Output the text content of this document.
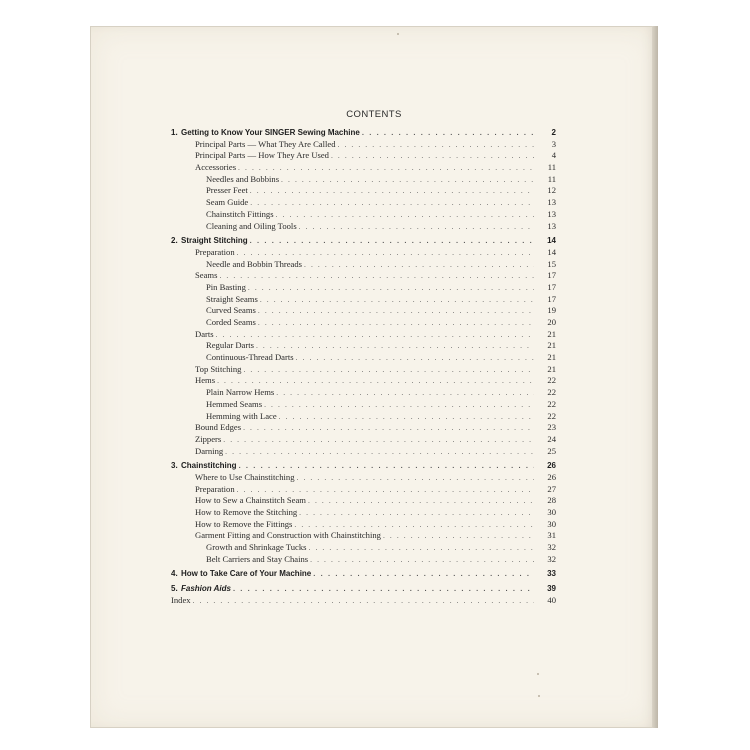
CONTENTS
1. Getting to Know Your SINGER Sewing Machine . . .	2
Principal Parts — What They Are Called . . .	3
Principal Parts — How They Are Used . . .	4
Accessories . . .	11
Needles and Bobbins . . .	11
Presser Feet . . .	12
Seam Guide . . .	13
Chainstitch Fittings . . .	13
Cleaning and Oiling Tools . . .	13
2. Straight Stitching . . .	14
Preparation . . .	14
Needle and Bobbin Threads . . .	15
Seams . . .	17
Pin Basting . . .	17
Straight Seams . . .	17
Curved Seams . . .	19
Corded Seams . . .	20
Darts . . .	21
Regular Darts . . .	21
Continuous-Thread Darts . . .	21
Top Stitching . . .	21
Hems . . .	22
Plain Narrow Hems . . .	22
Hemmed Seams . . .	22
Hemming with Lace . . .	22
Bound Edges . . .	23
Zippers . . .	24
Darning . . .	25
3. Chainstitching . . .	26
Where to Use Chainstitching . . .	26
Preparation . . .	27
How to Sew a Chainstitch Seam . . .	28
How to Remove the Stitching . . .	30
How to Remove the Fittings . . .	30
Garment Fitting and Construction with Chainstitching . . .	31
Growth and Shrinkage Tucks . . .	32
Belt Carriers and Stay Chains . . .	32
4. How to Take Care of Your Machine . . .	33
5. Fashion Aids . . .	39
Index . . .	40
